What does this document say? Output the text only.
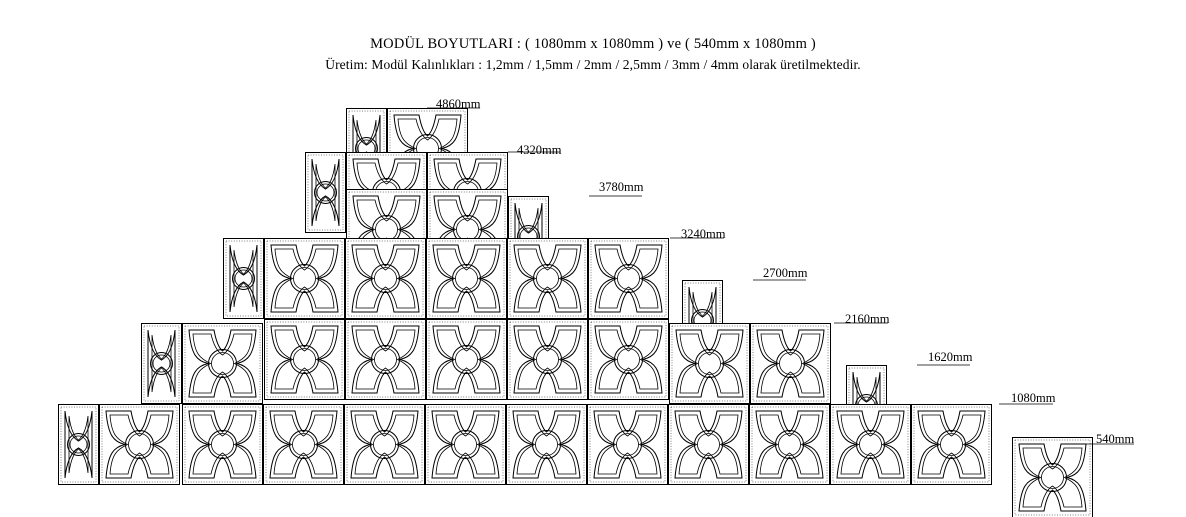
MODÜL BOYUTLARI : ( 1080mm x 1080mm ) ve ( 540mm x 1080mm )
Üretim: Modül Kalınlıkları : 1,2mm / 1,5mm / 2mm / 2,5mm / 3mm / 4mm olarak üretilmektedir.
4860mm
4320mm
3780mm
3240mm
2700mm
2160mm
1620mm
1080mm
540mm
